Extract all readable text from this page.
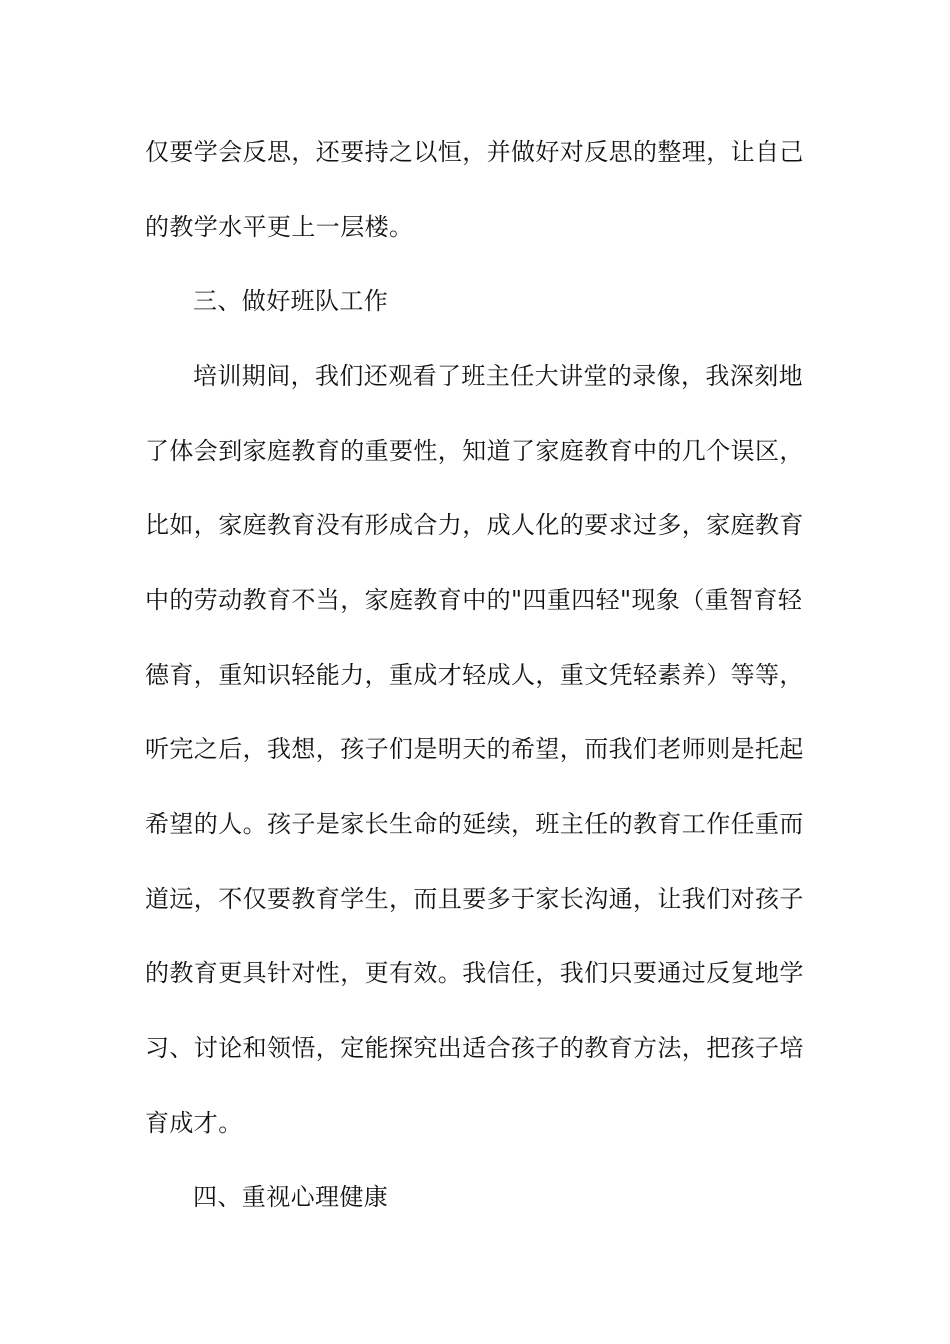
仅要学会反思，还要持之以恒，并做好对反思的整理，让自己
的教学水平更上一层楼。
三、做好班队工作
培训期间，我们还观看了班主任大讲堂的录像，我深刻地
了体会到家庭教育的重要性，知道了家庭教育中的几个误区，
比如，家庭教育没有形成合力，成人化的要求过多，家庭教育
中的劳动教育不当，家庭教育中的"四重四轻"现象（重智育轻
德育，重知识轻能力，重成才轻成人，重文凭轻素养）等等，
听完之后，我想，孩子们是明天的希望，而我们老师则是托起
希望的人。孩子是家长生命的延续，班主任的教育工作任重而
道远，不仅要教育学生，而且要多于家长沟通，让我们对孩子
的教育更具针对性，更有效。我信任，我们只要通过反复地学
习、讨论和领悟，定能探究出适合孩子的教育方法，把孩子培
育成才。
四、重视心理健康
